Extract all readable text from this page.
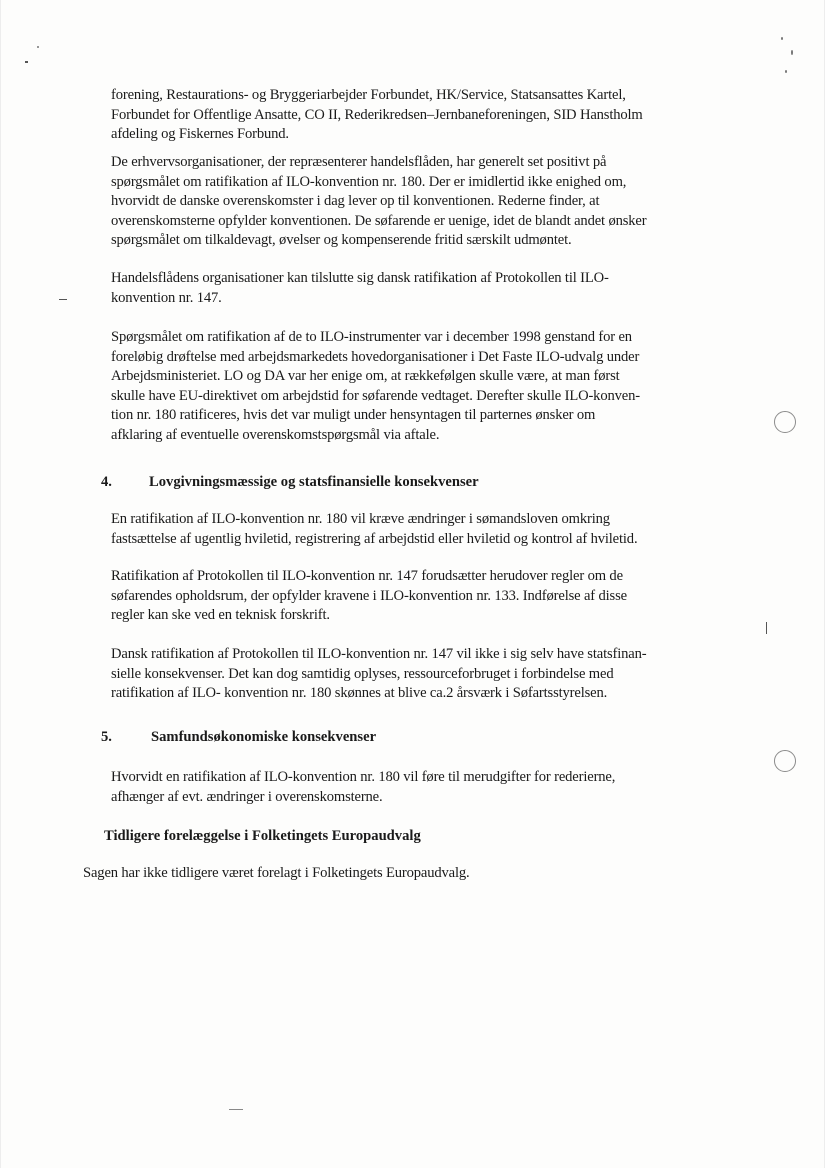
forening, Restaurations- og Bryggeriarbejder Forbundet, HK/Service, Statsansattes Kartel,
Forbundet for Offentlige Ansatte, CO II, Rederikredsen–Jernbaneforeningen, SID Hanstholm
afdeling og Fiskernes Forbund.
De erhvervsorganisationer, der repræsenterer handelsflåden, har generelt set positivt på
spørgsmålet om ratifikation af ILO-konvention nr. 180. Der er imidlertid ikke enighed om,
hvorvidt de danske overenskomster i dag lever op til konventionen. Rederne finder, at
overenskomsterne opfylder konventionen. De søfarende er uenige, idet de blandt andet ønsker
spørgsmålet om tilkaldevagt, øvelser og kompenserende fritid særskilt udmøntet.
Handelsflådens organisationer kan tilslutte sig dansk ratifikation af Protokollen til ILO-
konvention nr. 147.
Spørgsmålet om ratifikation af de to ILO-instrumenter var i december 1998 genstand for en
foreløbig drøftelse med arbejdsmarkedets hovedorganisationer i Det Faste ILO-udvalg under
Arbejdsministeriet. LO og DA var her enige om, at rækkefølgen skulle være, at man først
skulle have EU-direktivet om arbejdstid for søfarende vedtaget. Derefter skulle ILO-konven-
tion nr. 180 ratificeres, hvis det var muligt under hensyntagen til parternes ønsker om
afklaring af eventuelle overenskomstspørgsmål via aftale.
4.	Lovgivningsmæssige og statsfinansielle konsekvenser
En ratifikation af ILO-konvention nr. 180 vil kræve ændringer i sømandsloven omkring
fastsættelse af ugentlig hviletid, registrering af arbejdstid eller hviletid og kontrol af hviletid.
Ratifikation af Protokollen til ILO-konvention nr. 147 forudsætter herudover regler om de
søfarendes opholdsrum, der opfylder kravene i ILO-konvention nr. 133. Indførelse af disse
regler kan ske ved en teknisk forskrift.
Dansk ratifikation af Protokollen til ILO-konvention nr. 147 vil ikke i sig selv have statsfinan-
sielle konsekvenser. Det kan dog samtidig oplyses, ressourceforbruget i forbindelse med
ratifikation af ILO- konvention nr. 180 skønnes at blive ca.2 årsværk i Søfartsstyrelsen.
5.	Samfundsøkonomiske konsekvenser
Hvorvidt en ratifikation af ILO-konvention nr. 180 vil føre til merudgifter for rederierne,
afhænger af evt. ændringer i overenskomsterne.
Tidligere forelæggelse i Folketingets Europaudvalg
Sagen har ikke tidligere været forelagt i Folketingets Europaudvalg.
